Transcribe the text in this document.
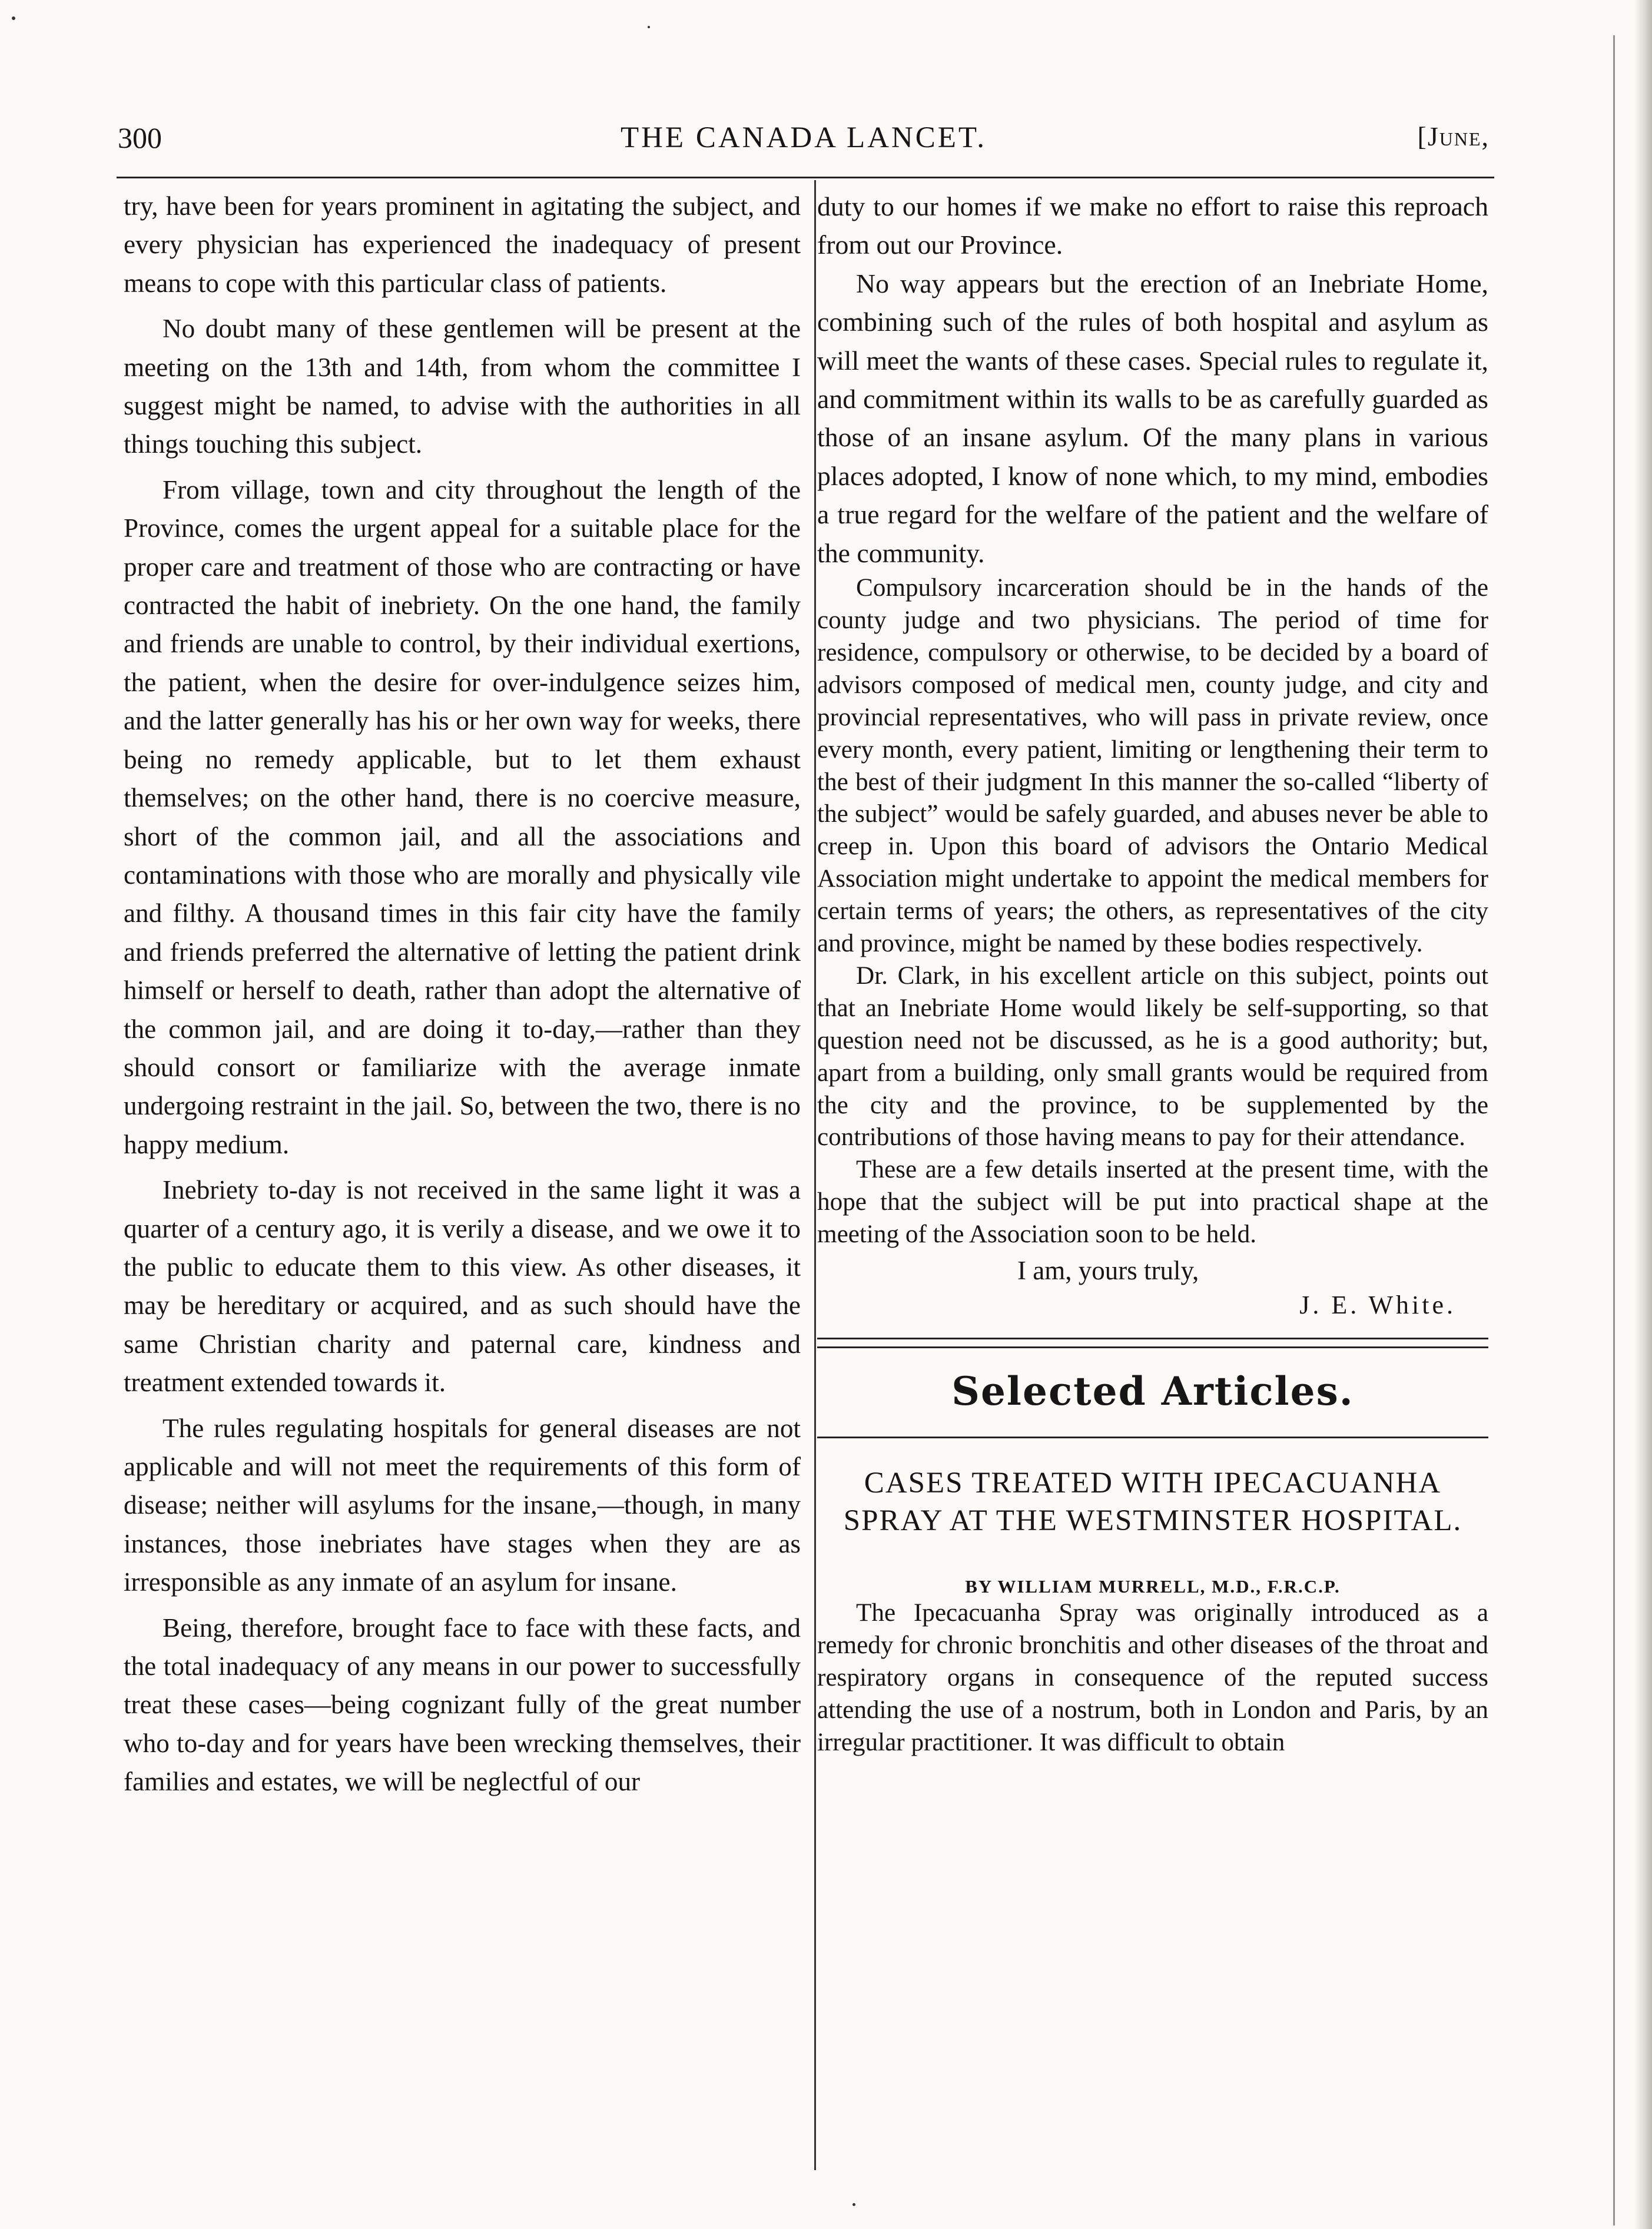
300	THE CANADA LANCET.	[June,

try, have been for years prominent in agitating the subject, and every physician has experienced the inadequacy of present means to cope with this particular class of patients.

No doubt many of these gentlemen will be present at the meeting on the 13th and 14th, from whom the committee I suggest might be named, to advise with the authorities in all things touching this subject.

From village, town and city throughout the length of the Province, comes the urgent appeal for a suitable place for the proper care and treatment of those who are contracting or have contracted the habit of inebriety. On the one hand, the family and friends are unable to control, by their individual exertions, the patient, when the desire for over-indulgence seizes him, and the latter generally has his or her own way for weeks, there being no remedy applicable, but to let them exhaust themselves; on the other hand, there is no coercive measure, short of the common jail, and all the associations and contaminations with those who are morally and physically vile and filthy. A thousand times in this fair city have the family and friends preferred the alternative of letting the patient drink himself or herself to death, rather than adopt the alternative of the common jail, and are doing it to-day,—rather than they should consort or familiarize with the average inmate undergoing restraint in the jail. So, between the two, there is no happy medium.

Inebriety to-day is not received in the same light it was a quarter of a century ago, it is verily a disease, and we owe it to the public to educate them to this view. As other diseases, it may be hereditary or acquired, and as such should have the same Christian charity and paternal care, kindness and treatment extended towards it.

The rules regulating hospitals for general diseases are not applicable and will not meet the requirements of this form of disease; neither will asylums for the insane,—though, in many instances, those inebriates have stages when they are as irresponsible as any inmate of an asylum for insane.

Being, therefore, brought face to face with these facts, and the total inadequacy of any means in our power to successfully treat these cases—being cognizant fully of the great number who to-day and for years have been wrecking themselves, their families and estates, we will be neglectful of our

duty to our homes if we make no effort to raise this reproach from out our Province.

No way appears but the erection of an Inebriate Home, combining such of the rules of both hospital and asylum as will meet the wants of these cases. Special rules to regulate it, and commitment within its walls to be as carefully guarded as those of an insane asylum. Of the many plans in various places adopted, I know of none which, to my mind, embodies a true regard for the welfare of the patient and the welfare of the community.

Compulsory incarceration should be in the hands of the county judge and two physicians. The period of time for residence, compulsory or otherwise, to be decided by a board of advisors composed of medical men, county judge, and city and provincial representatives, who will pass in private review, once every month, every patient, limiting or lengthening their term to the best of their judgment In this manner the so-called “liberty of the subject” would be safely guarded, and abuses never be able to creep in. Upon this board of advisors the Ontario Medical Association might undertake to appoint the medical members for certain terms of years; the others, as representatives of the city and province, might be named by these bodies respectively.

Dr. Clark, in his excellent article on this subject, points out that an Inebriate Home would likely be self-supporting, so that question need not be discussed, as he is a good authority; but, apart from a building, only small grants would be required from the city and the province, to be supplemented by the contributions of those having means to pay for their attendance.

These are a few details inserted at the present time, with the hope that the subject will be put into practical shape at the meeting of the Association soon to be held.

I am, yours truly,
J. E. White.
Selected Articles.
CASES TREATED WITH IPECACUANHA SPRAY AT THE WESTMINSTER HOSPITAL.
BY WILLIAM MURRELL, M.D., F.R.C.P.

The Ipecacuanha Spray was originally introduced as a remedy for chronic bronchitis and other diseases of the throat and respiratory organs in consequence of the reputed success attending the use of a nostrum, both in London and Paris, by an irregular practitioner. It was difficult to obtain
